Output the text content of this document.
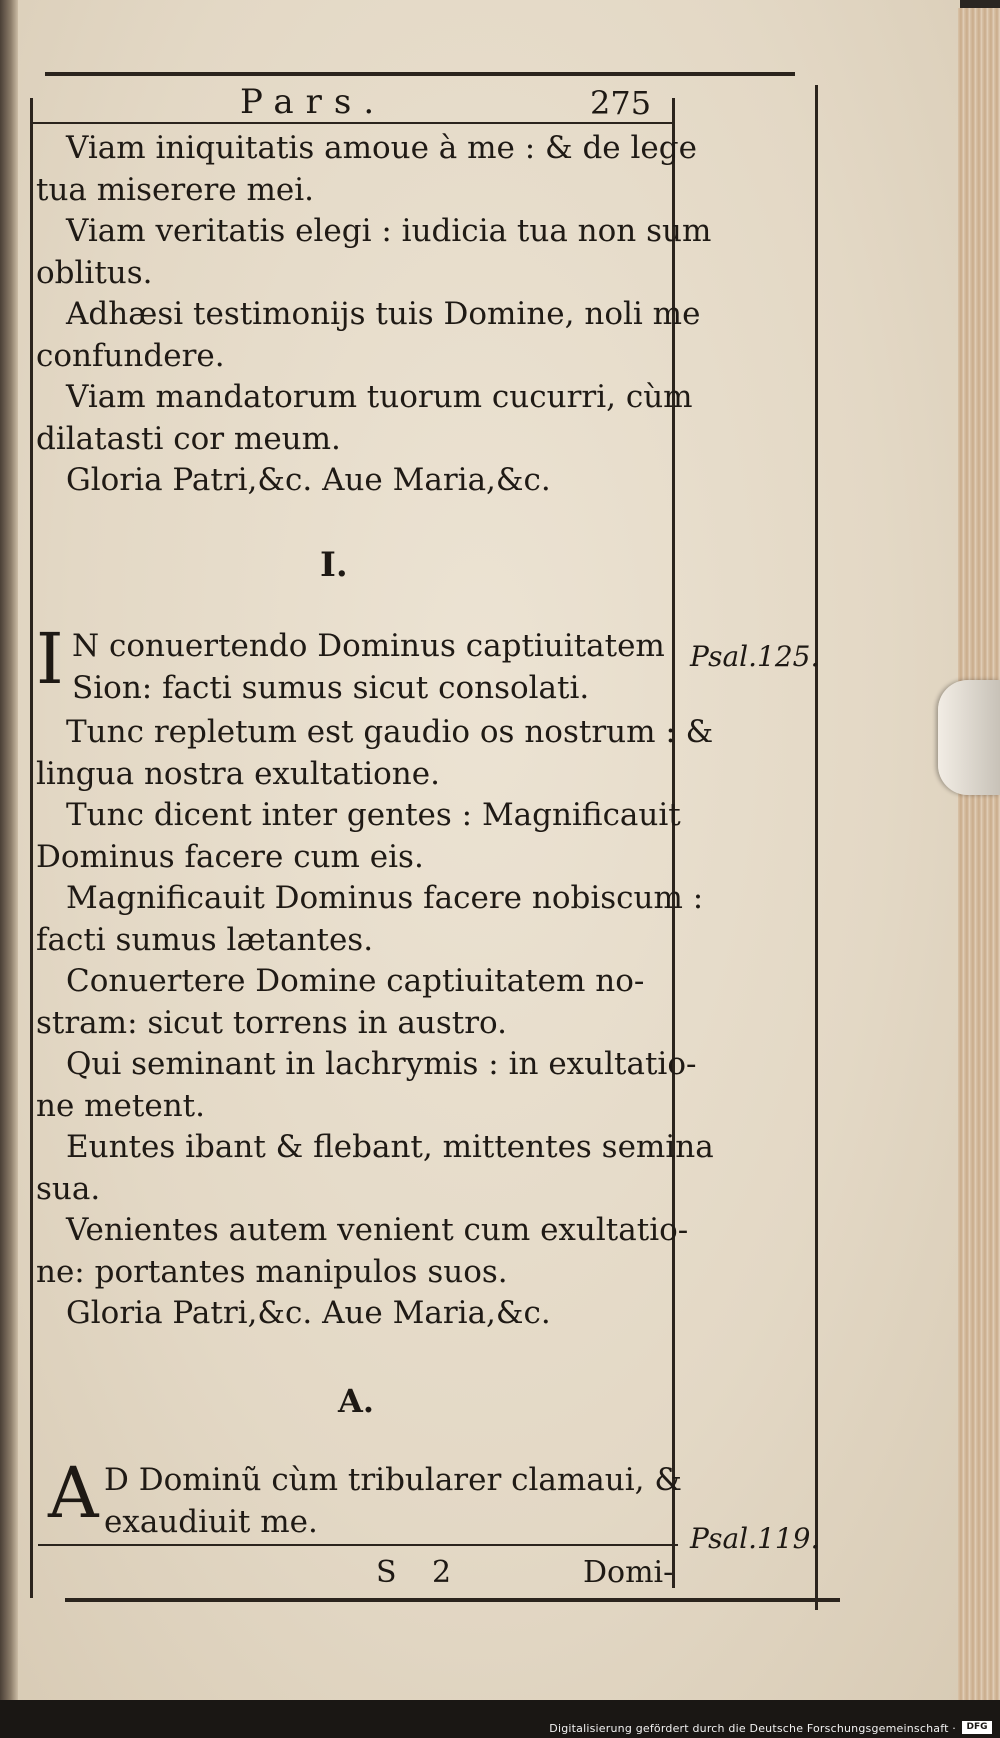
Pars.	275
Viam iniquitatis amoue à me : & de lege
tua miserere mei.
Viam veritatis elegi : iudicia tua non sum
oblitus.
Adhæsi testimonijs tuis Domine, noli me
confundere.
Viam mandatorum tuorum cucurri, cùm
dilatasti cor meum.
Gloria Patri,&c. Aue Maria,&c.
I.
I N conuertendo Dominus captiuitatem
Sion: facti sumus sicut consolati.
Psal.125.
Tunc repletum est gaudio os nostrum : &
lingua nostra exultatione.
Tunc dicent inter gentes : Magnificauit
Dominus facere cum eis.
Magnificauit Dominus facere nobiscum :
facti sumus lætantes.
Conuertere Domine captiuitatem no-
stram: sicut torrens in austro.
Qui seminant in lachrymis : in exultatio-
ne metent.
Euntes ibant & flebant, mittentes semina
sua.
Venientes autem venient cum exultatio-
ne: portantes manipulos suos.
Gloria Patri,&c. Aue Maria,&c.
A.
A D Dominũ cùm tribularer clamaui, &
exaudiuit me.	Psal.119.
S 2	Domi-
Digitalisierung gefördert durch die Deutsche Forschungsgemeinschaft ·	DFG
